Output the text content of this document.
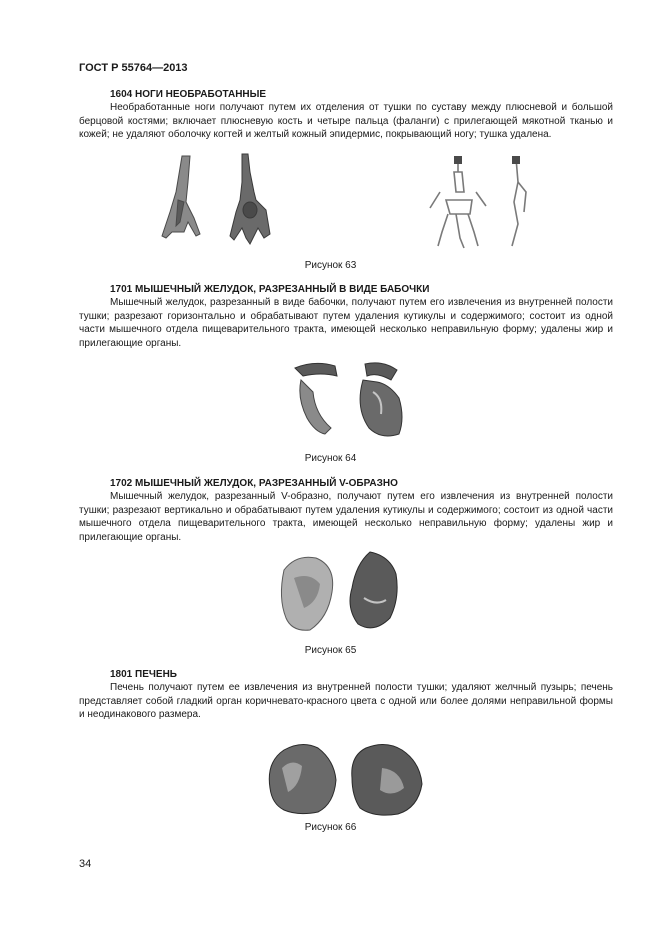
ГОСТ Р 55764—2013
1604 НОГИ НЕОБРАБОТАННЫЕ

Необработанные ноги получают путем их отделения от тушки по суставу между плюсневой и большой берцовой костями; включает плюсневую кость и четыре пальца (фаланги) с прилегающей мякотной тканью и кожей; не удаляют оболочку когтей и желтый кожный эпидермис, покрывающий ногу; тушка удалена.

Рисунок 63
1701 МЫШЕЧНЫЙ ЖЕЛУДОК, РАЗРЕЗАННЫЙ В ВИДЕ БАБОЧКИ

Мышечный желудок, разрезанный в виде бабочки, получают путем его извлечения из внутренней полости тушки; разрезают горизонтально и обрабатывают путем удаления кутикулы и содержимого; состоит из одной части мышечного отдела пищеварительного тракта, имеющей несколько неправильную форму; удалены жир и прилегающие органы.

Рисунок 64
1702 МЫШЕЧНЫЙ ЖЕЛУДОК, РАЗРЕЗАННЫЙ V-ОБРАЗНО

Мышечный желудок, разрезанный V-образно, получают путем его извлечения из внутренней полости тушки; разрезают вертикально и обрабатывают путем удаления кутикулы и содержимого; состоит из одной части мышечного отдела пищеварительного тракта, имеющей несколько неправильную форму; удалены жир и прилегающие органы.

Рисунок 65
1801 ПЕЧЕНЬ

Печень получают путем ее извлечения из внутренней полости тушки; удаляют желчный пузырь; печень представляет собой гладкий орган коричневато-красного цвета с одной или более долями неправильной формы и неодинакового размера.

Рисунок 66
34
